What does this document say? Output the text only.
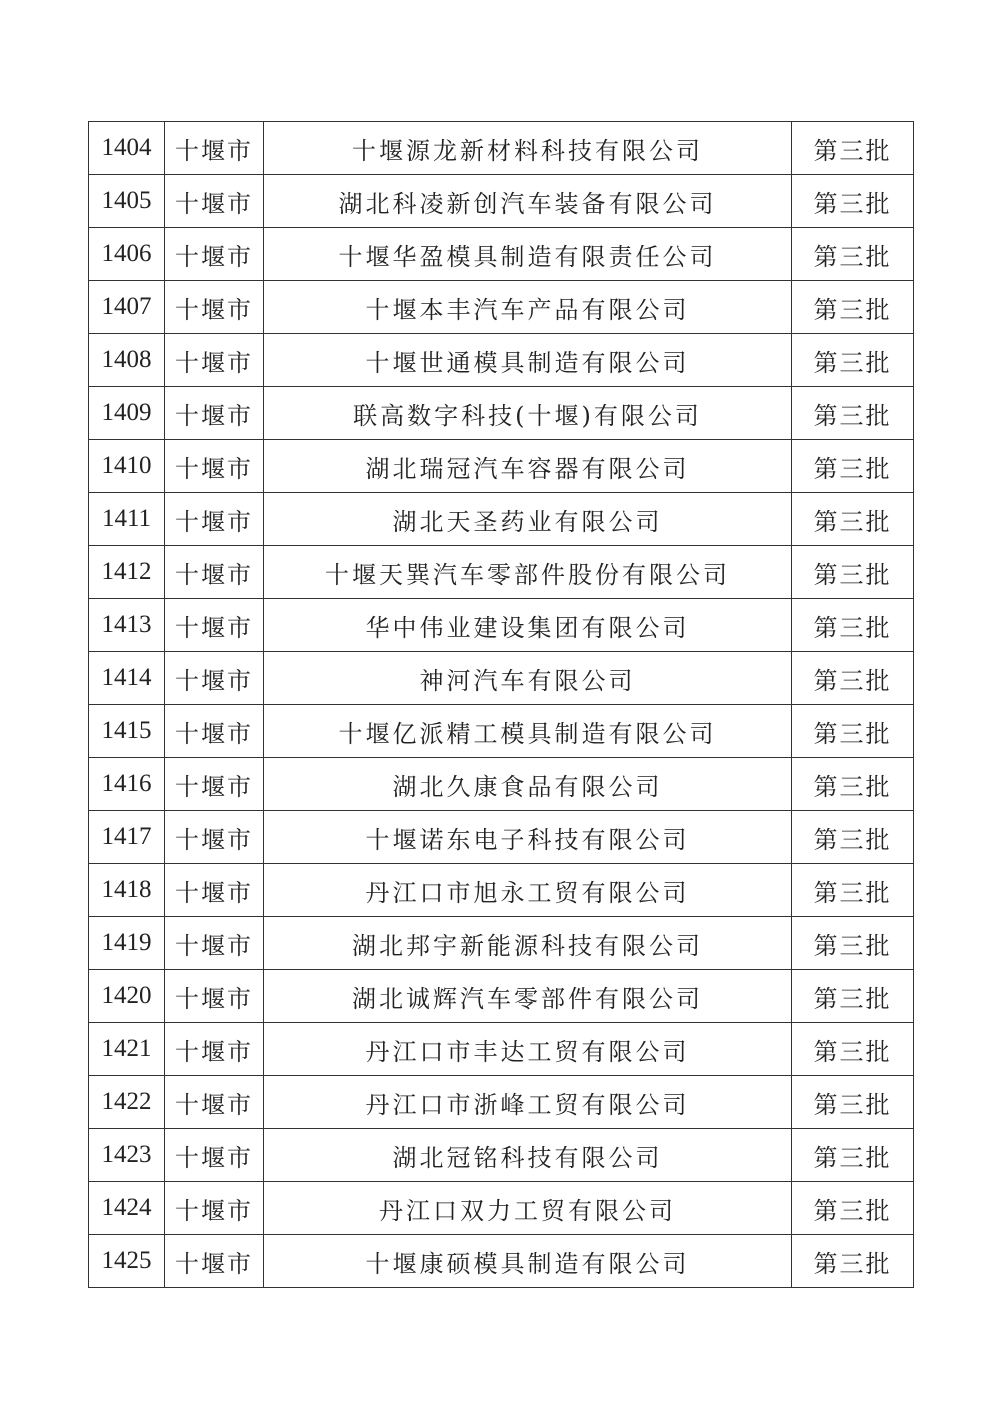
1404	十堰市	十堰源龙新材料科技有限公司	第三批
1405	十堰市	湖北科凌新创汽车装备有限公司	第三批
1406	十堰市	十堰华盈模具制造有限责任公司	第三批
1407	十堰市	十堰本丰汽车产品有限公司	第三批
1408	十堰市	十堰世通模具制造有限公司	第三批
1409	十堰市	联高数字科技(十堰)有限公司	第三批
1410	十堰市	湖北瑞冠汽车容器有限公司	第三批
1411	十堰市	湖北天圣药业有限公司	第三批
1412	十堰市	十堰天巽汽车零部件股份有限公司	第三批
1413	十堰市	华中伟业建设集团有限公司	第三批
1414	十堰市	神河汽车有限公司	第三批
1415	十堰市	十堰亿派精工模具制造有限公司	第三批
1416	十堰市	湖北久康食品有限公司	第三批
1417	十堰市	十堰诺东电子科技有限公司	第三批
1418	十堰市	丹江口市旭永工贸有限公司	第三批
1419	十堰市	湖北邦宇新能源科技有限公司	第三批
1420	十堰市	湖北诚辉汽车零部件有限公司	第三批
1421	十堰市	丹江口市丰达工贸有限公司	第三批
1422	十堰市	丹江口市浙峰工贸有限公司	第三批
1423	十堰市	湖北冠铭科技有限公司	第三批
1424	十堰市	丹江口双力工贸有限公司	第三批
1425	十堰市	十堰康硕模具制造有限公司	第三批
